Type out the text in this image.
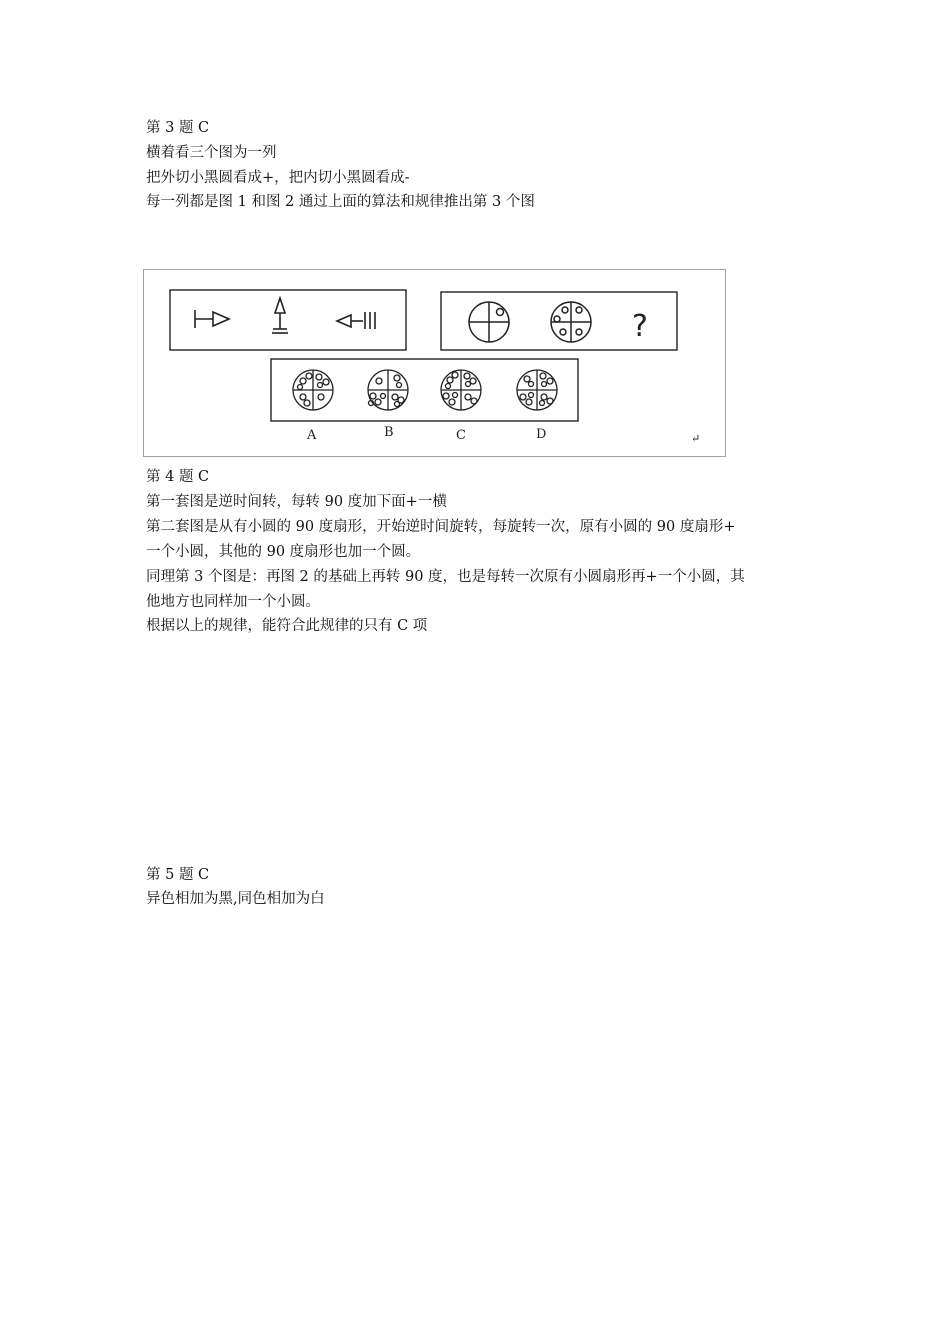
第 3 题 C
横着看三个图为一列
把外切小黑圆看成+，把内切小黑圆看成-
每一列都是图 1 和图 2 通过上面的算法和规律推出第 3 个图
?
A	B	C	D	↵
第 4 题 C
第一套图是逆时间转，每转 90 度加下面+一横
第二套图是从有小圆的 90 度扇形，开始逆时间旋转，每旋转一次，原有小圆的 90 度扇形+
一个小圆，其他的 90 度扇形也加一个圆。
同理第 3 个图是：再图 2 的基础上再转 90 度，也是每转一次原有小圆扇形再+一个小圆，其
他地方也同样加一个小圆。
根据以上的规律，能符合此规律的只有 C 项
第 5 题 C
异色相加为黑,同色相加为白
